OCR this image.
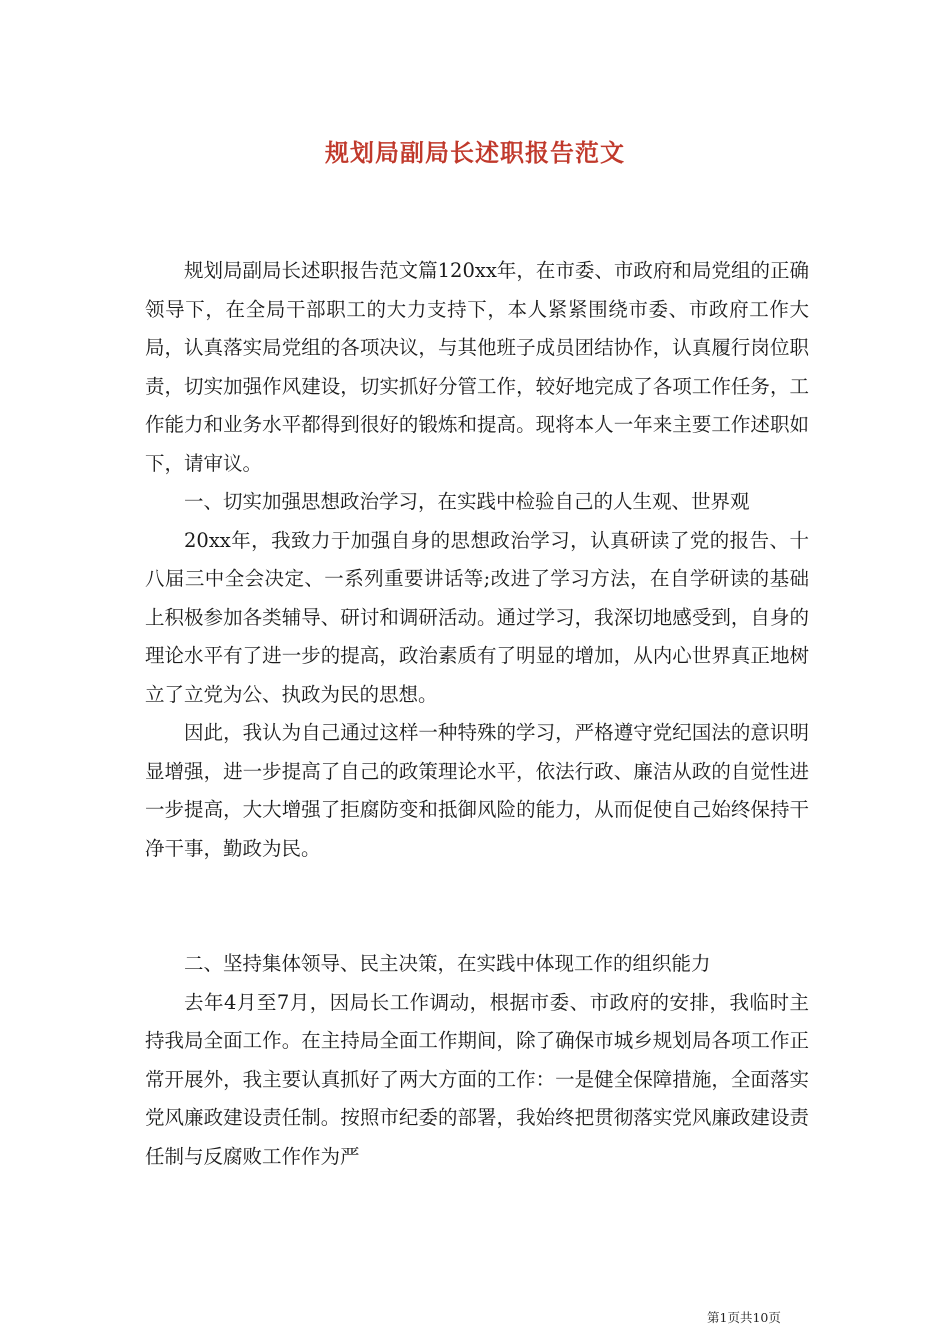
规划局副局长述职报告范文

规划局副局长述职报告范文篇120xx年，在市委、市政府和局党组的正确领导下，在全局干部职工的大力支持下，本人紧紧围绕市委、市政府工作大局，认真落实局党组的各项决议，与其他班子成员团结协作，认真履行岗位职责，切实加强作风建设，切实抓好分管工作，较好地完成了各项工作任务，工作能力和业务水平都得到很好的锻炼和提高。现将本人一年来主要工作述职如下，请审议。

一、切实加强思想政治学习，在实践中检验自己的人生观、世界观

20xx年，我致力于加强自身的思想政治学习，认真研读了党的报告、十八届三中全会决定、一系列重要讲话等;改进了学习方法，在自学研读的基础上积极参加各类辅导、研讨和调研活动。通过学习，我深切地感受到，自身的理论水平有了进一步的提高，政治素质有了明显的增加，从内心世界真正地树立了立党为公、执政为民的思想。

因此，我认为自己通过这样一种特殊的学习，严格遵守党纪国法的意识明显增强，进一步提高了自己的政策理论水平，依法行政、廉洁从政的自觉性进一步提高，大大增强了拒腐防变和抵御风险的能力，从而促使自己始终保持干净干事，勤政为民。

二、坚持集体领导、民主决策，在实践中体现工作的组织能力

去年4月至7月，因局长工作调动，根据市委、市政府的安排，我临时主持我局全面工作。在主持局全面工作期间，除了确保市城乡规划局各项工作正常开展外，我主要认真抓好了两大方面的工作：一是健全保障措施，全面落实党风廉政建设责任制。按照市纪委的部署，我始终把贯彻落实党风廉政建设责任制与反腐败工作作为严

第1页共10页
